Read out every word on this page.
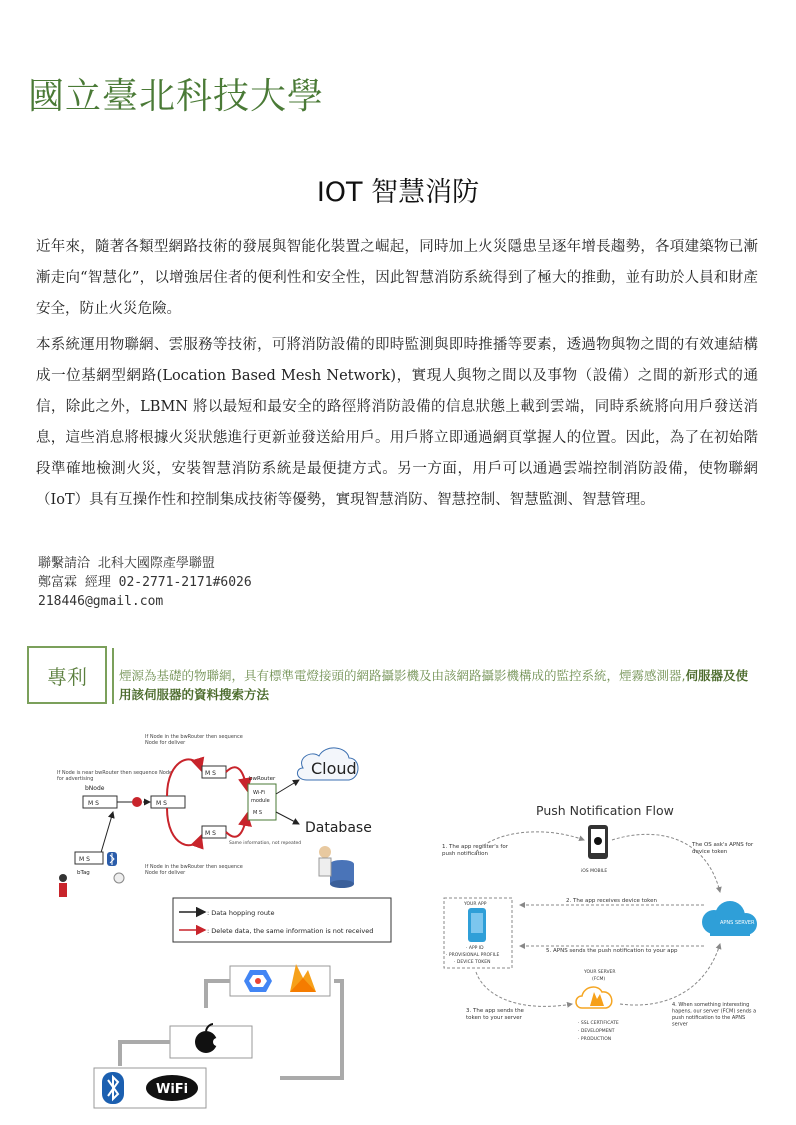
國立臺北科技大學
IOT 智慧消防
近年來，隨著各類型網路技術的發展與智能化裝置之崛起，同時加上火災隱患呈逐年增長趨勢，各項建築物已漸漸走向“智慧化”，以增強居住者的便利性和安全性，因此智慧消防系統得到了極大的推動，並有助於人員和財產安全，防止火災危險。
本系統運用物聯網、雲服務等技術，可將消防設備的即時監測與即時推播等要素，透過物與物之間的有效連結構成一位基網型網路(Location Based Mesh Network)，實現人與物之間以及事物（設備）之間的新形式的通信，除此之外，LBMN 將以最短和最安全的路徑將消防設備的信息狀態上載到雲端，同時系統將向用戶發送消息，這些消息將根據火災狀態進行更新並發送給用戶。用戶將立即通過網頁掌握人的位置。因此，為了在初始階段準確地檢測火災，安裝智慧消防系統是最便捷方式。另一方面，用戶可以通過雲端控制消防設備，使物聯網（IoT）具有互操作性和控制集成技術等優勢，實現智慧消防、智慧控制、智慧監測、智慧管理。
聯繫請洽 北科大國際產學聯盟
鄭富霖 經理 02-2771-2171#6026
218446@gmail.com
專利	煙源為基礎的物聯網，具有標準電燈接頭的網路攝影機及由該網路攝影機構成的監控系統，煙霧感測器,伺服器及使用該伺服器的資料搜索方法
If Node in the bwRouter then sequence Node for deliver
If Node is near bwRouter then sequence Node for advertising
bNode
M S	M S
M S
M S
bwRouter
Wi-Fi
module
M S
Cloud
Database
Same information, not repeated
If Node in the bwRouter then sequence Node for deliver
M S
bTag
: Data hopping route
: Delete data, the same information is not received
WiFi
Push Notification Flow
iOS MOBILE
1. The app register's for push notification
The OS ask's APNS for device token
YOUR APP
· APP ID
· PROVISIONAL PROFILE
· DEVICE TOKEN
2. The app receives device token
APNS SERVER
5. APNS sends the push notification to your app
YOUR SERVER
(FCM)
3. The app sends the token to your server
· SSL CERTIFICATE
· DEVELOPMENT
· PRODUCTION
4. When something interesting hapens, our server (FCM) sends a push notification to the APNS server
